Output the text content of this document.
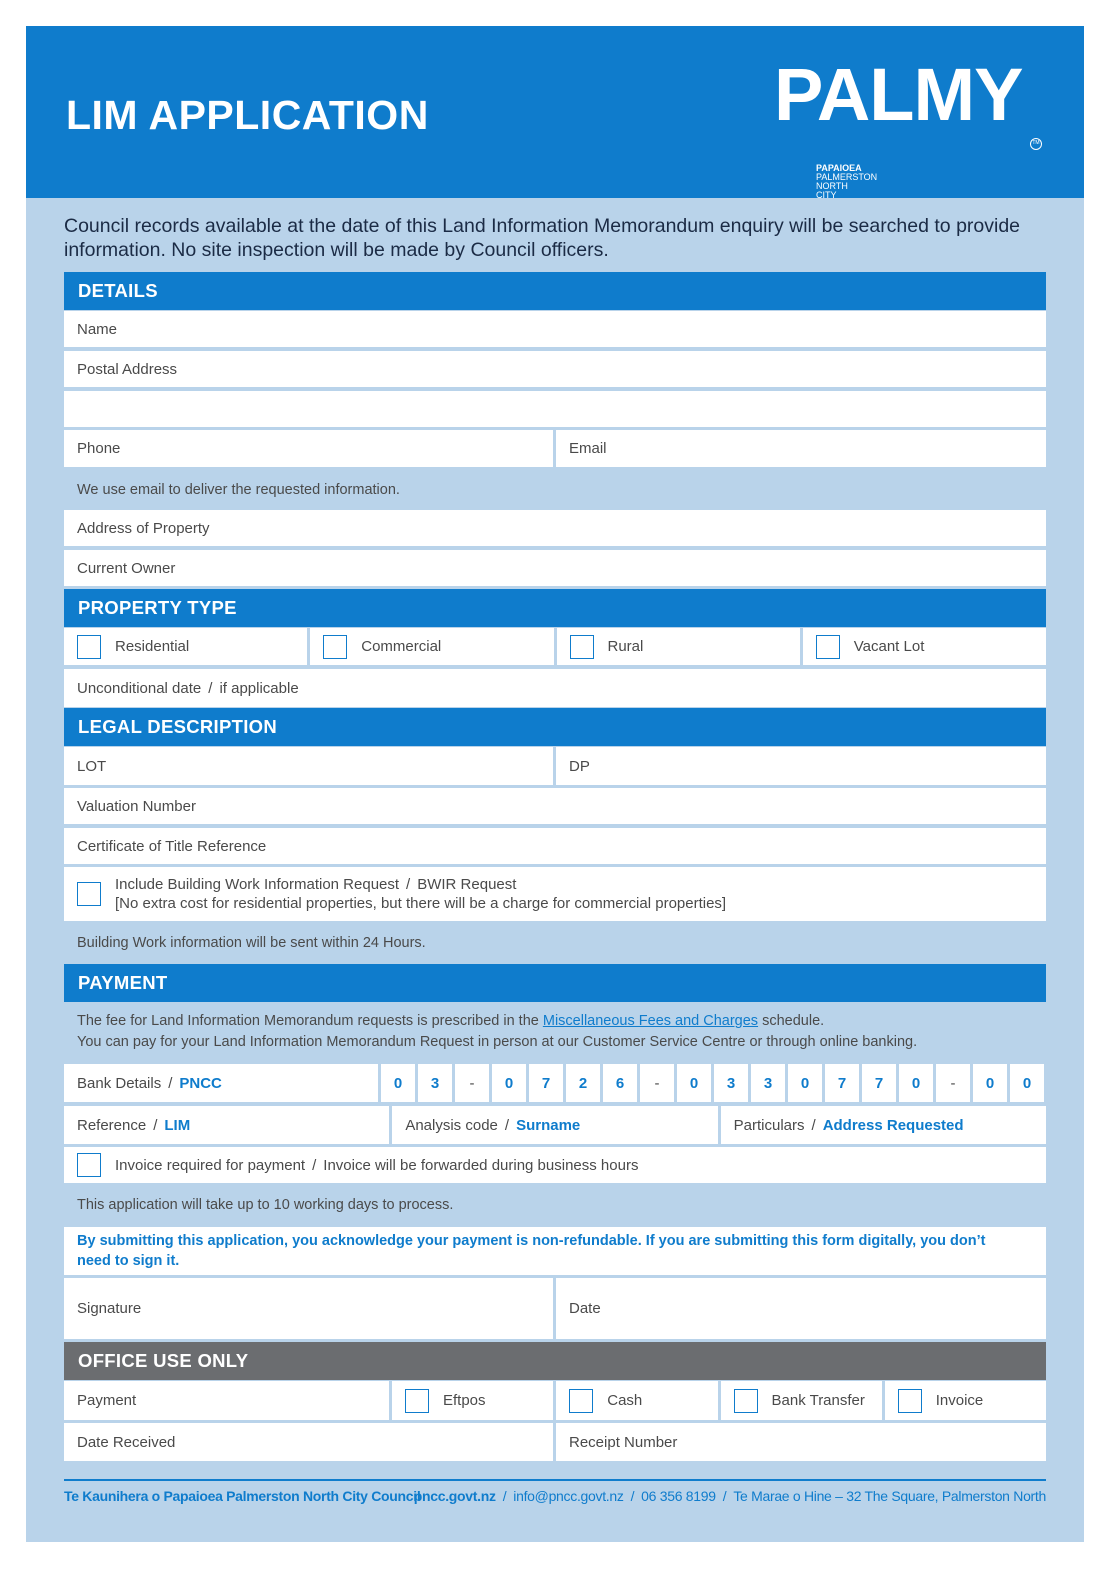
LIM APPLICATION	PALMY
TM
PAPAIOEA
PALMERSTON
NORTH
CITY
Council records available at the date of this Land Information Memorandum enquiry will be searched to provide information. No site inspection will be made by Council officers.
DETAILS
Name
Postal Address
Phone	Email
We use email to deliver the requested information.
Address of Property
Current Owner
PROPERTY TYPE
Residential	Commercial	Rural	Vacant Lot
Unconditional date / if applicable
LEGAL DESCRIPTION
LOT	DP
Valuation Number
Certificate of Title Reference
Include Building Work Information Request / BWIR Request
[No extra cost for residential properties, but there will be a charge for commercial properties]
Building Work information will be sent within 24 Hours.
PAYMENT
The fee for Land Information Memorandum requests is prescribed in the Miscellaneous Fees and Charges schedule.
You can pay for your Land Information Memorandum Request in person at our Customer Service Centre or through online banking.
Bank Details / PNCC	0	3	-	0	7	2	6	-	0	3	3	0	7	7	0	-	0	0
Reference / LIM	Analysis code / Surname	Particulars / Address Requested
Invoice required for payment / Invoice will be forwarded during business hours
This application will take up to 10 working days to process.
By submitting this application, you acknowledge your payment is non-refundable. If you are submitting this form digitally, you don’t need to sign it.
Signature	Date
OFFICE USE ONLY
Payment	Eftpos	Cash	Bank Transfer	Invoice
Date Received	Receipt Number
Te Kaunihera o Papaioea Palmerston North City Council
pncc.govt.nz / info@pncc.govt.nz / 06 356 8199 / Te Marae o Hine – 32 The Square, Palmerston North
